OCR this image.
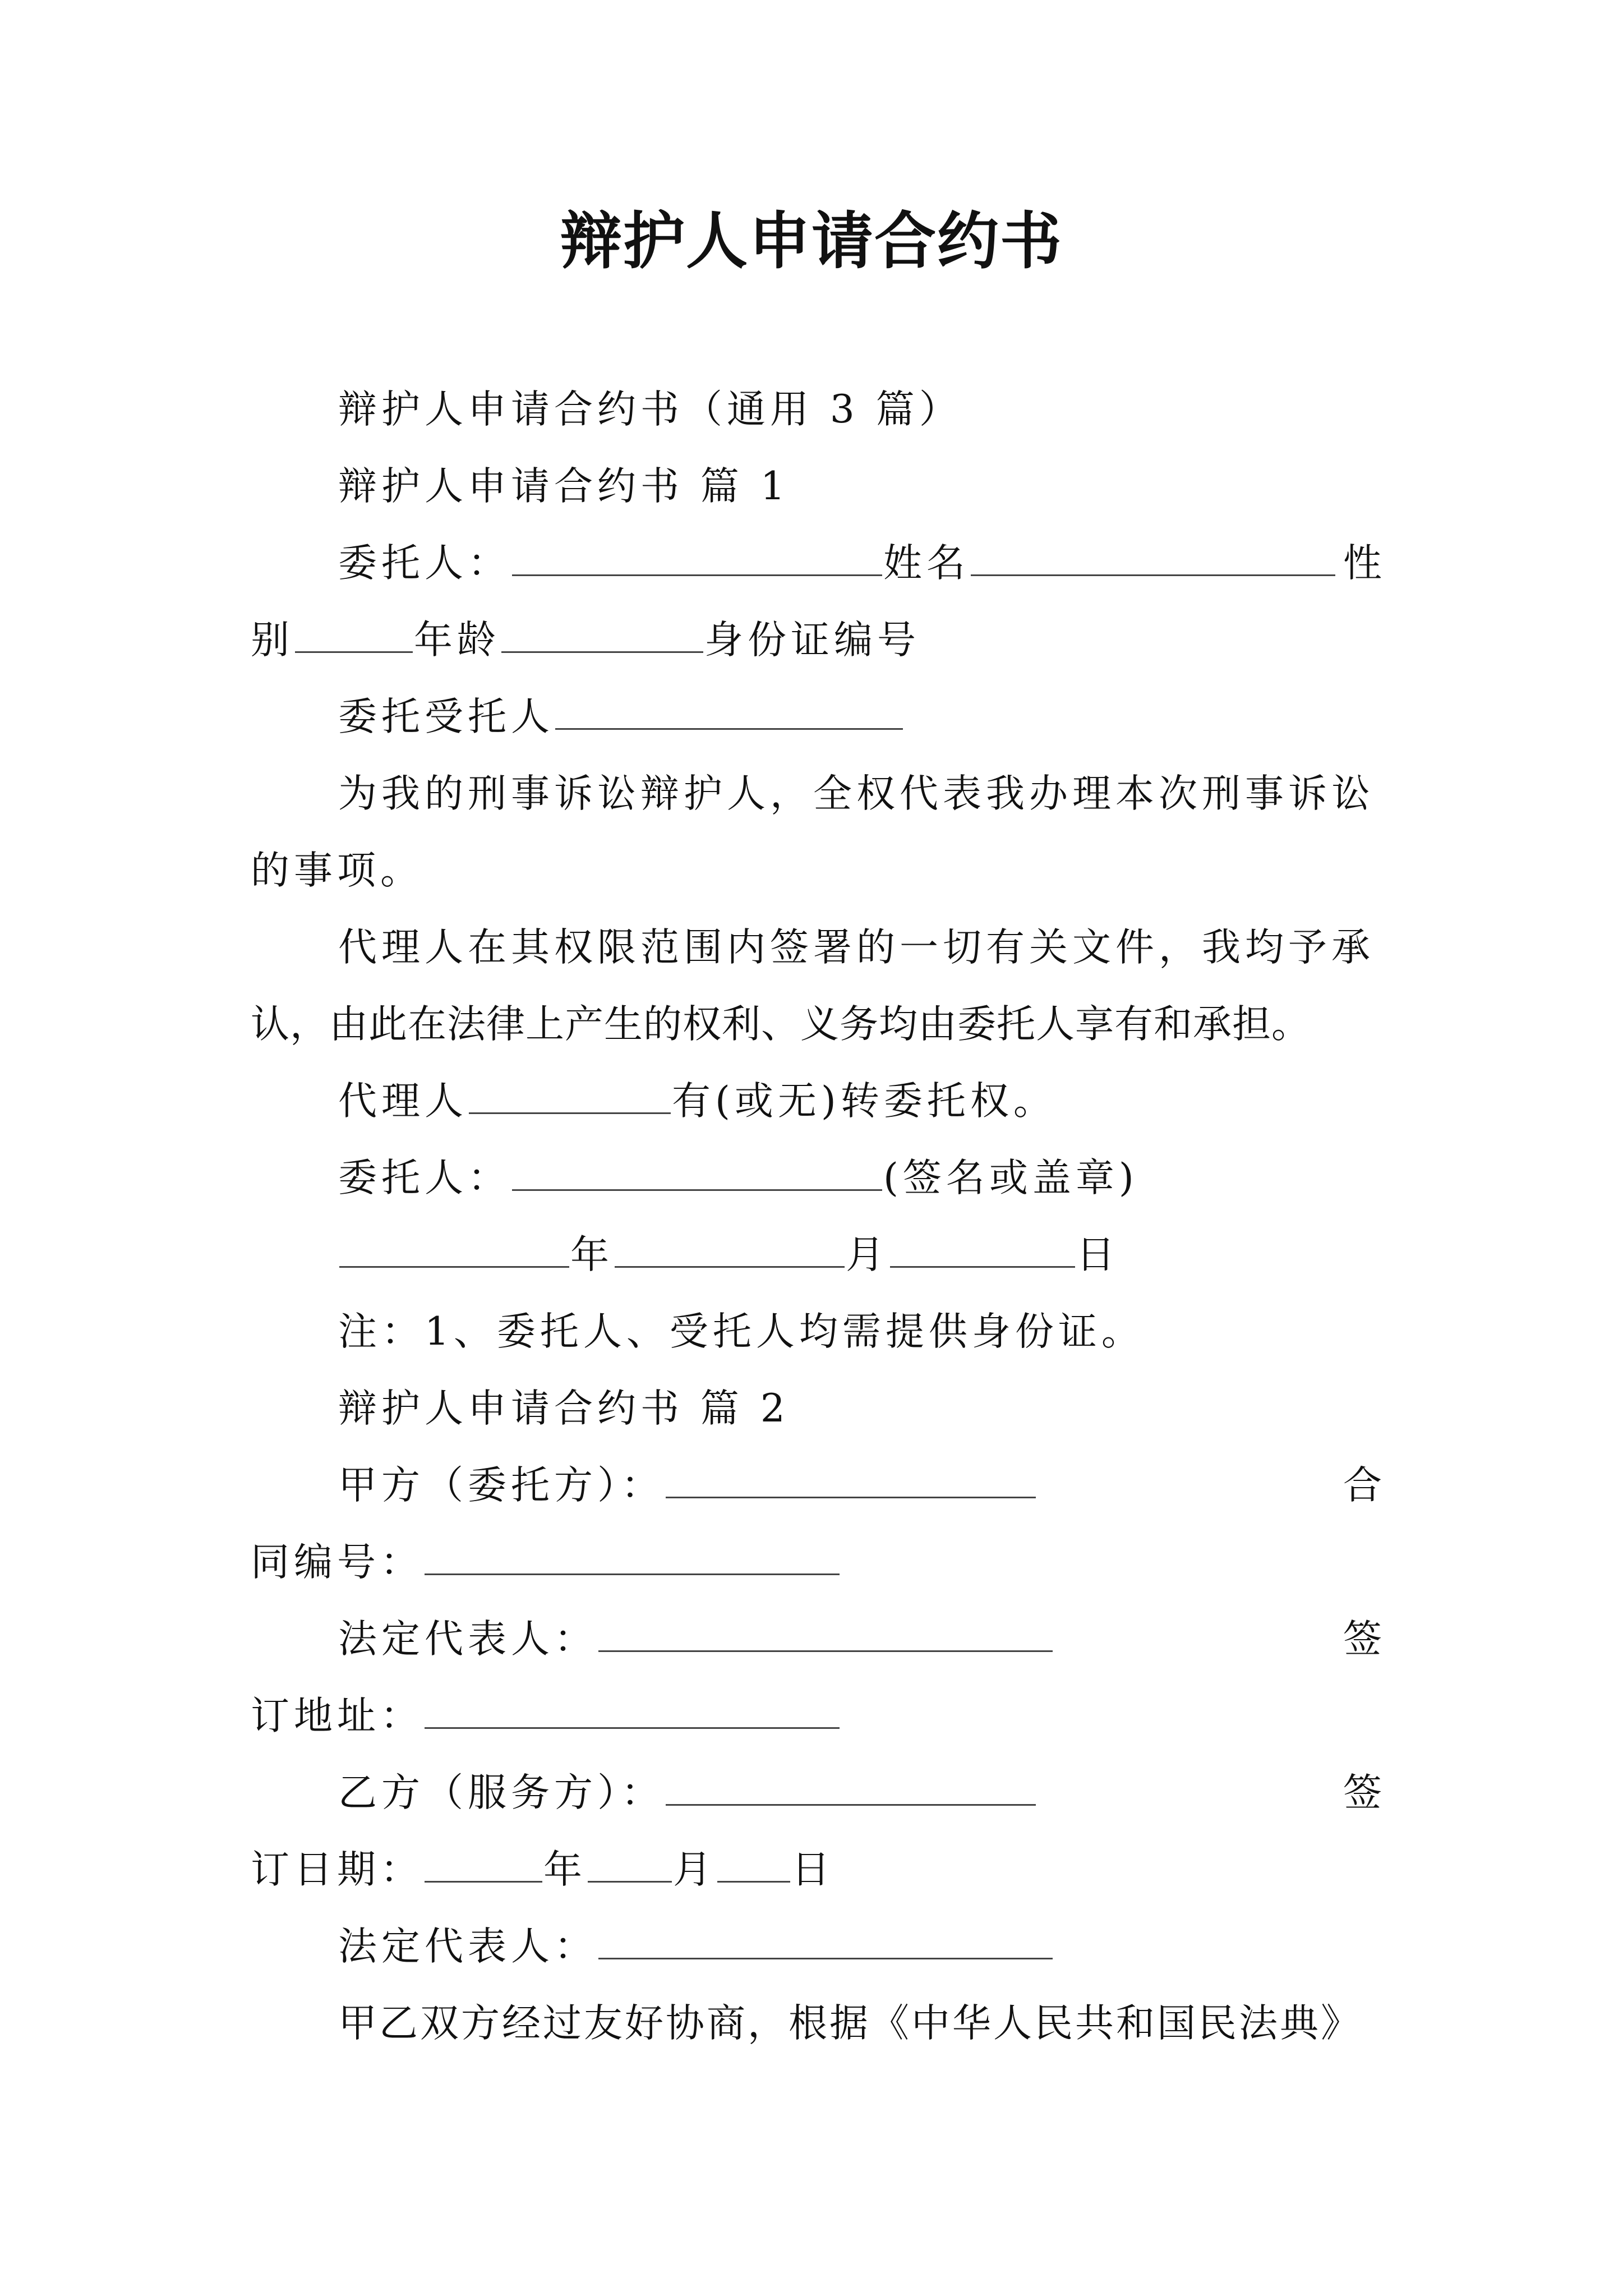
辩护人申请合约书
辩护人申请合约书（通用 3 篇）
辩护人申请合约书 篇 1
委托人：	姓名	性
别	年龄	身份证编号
委托受托人
为我的刑事诉讼辩护人，全权代表我办理本次刑事诉讼
的事项。
代理人在其权限范围内签署的一切有关文件，我均予承
认，由此在法律上产生的权利、义务均由委托人享有和承担。
代理人	有(或无)转委托权。
委托人：	(签名或盖章)
年	月	日
注：1、委托人、受托人均需提供身份证。
辩护人申请合约书 篇 2
甲方（委托方）：	合
同编号：
法定代表人：	签
订地址：
乙方（服务方）：	签
订日期：	年 月 日
法定代表人：
甲乙双方经过友好协商，根据《中华人民共和国民法典》
